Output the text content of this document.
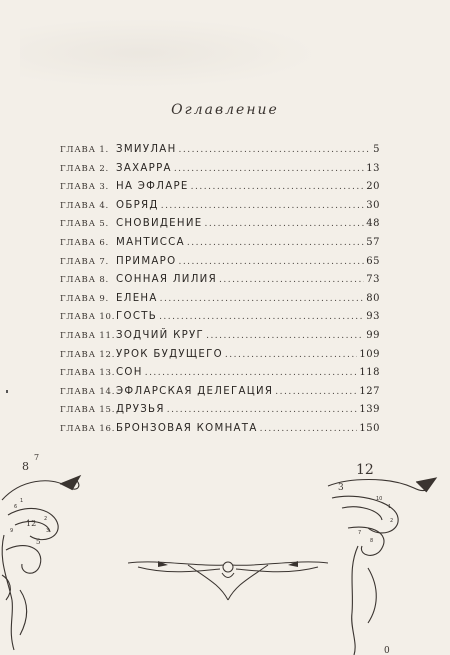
Оглавление
ГЛАВА 1. ЗМИУЛАН .....	5
ГЛАВА 2. ЗАХАРРА .....	13
ГЛАВА 3. НА ЭФЛАРЕ .....	20
ГЛАВА 4. ОБРЯД .....	30
ГЛАВА 5. СНОВИДЕНИЕ .....	48
ГЛАВА 6. МАНТИССА .....	57
ГЛАВА 7. ПРИМАРО .....	65
ГЛАВА 8. СОННАЯ ЛИЛИЯ .....	73
ГЛАВА 9. ЕЛЕНА .....	80
ГЛАВА 10. ГОСТЬ .....	93
ГЛАВА 11. ЗОДЧИЙ КРУГ .....	99
ГЛАВА 12. УРОК БУДУЩЕГО .....	109
ГЛАВА 13. СОН .....	118
ГЛАВА 14. ЭФЛАРСКАЯ ДЕЛЕГАЦИЯ .....	127
ГЛАВА 15. ДРУЗЬЯ .....	139
ГЛАВА 16. БРОНЗОВАЯ КОМНАТА .....	150
8
7
12
5
6
1
9
2
3
12
3
0
10
1
2
7
8
